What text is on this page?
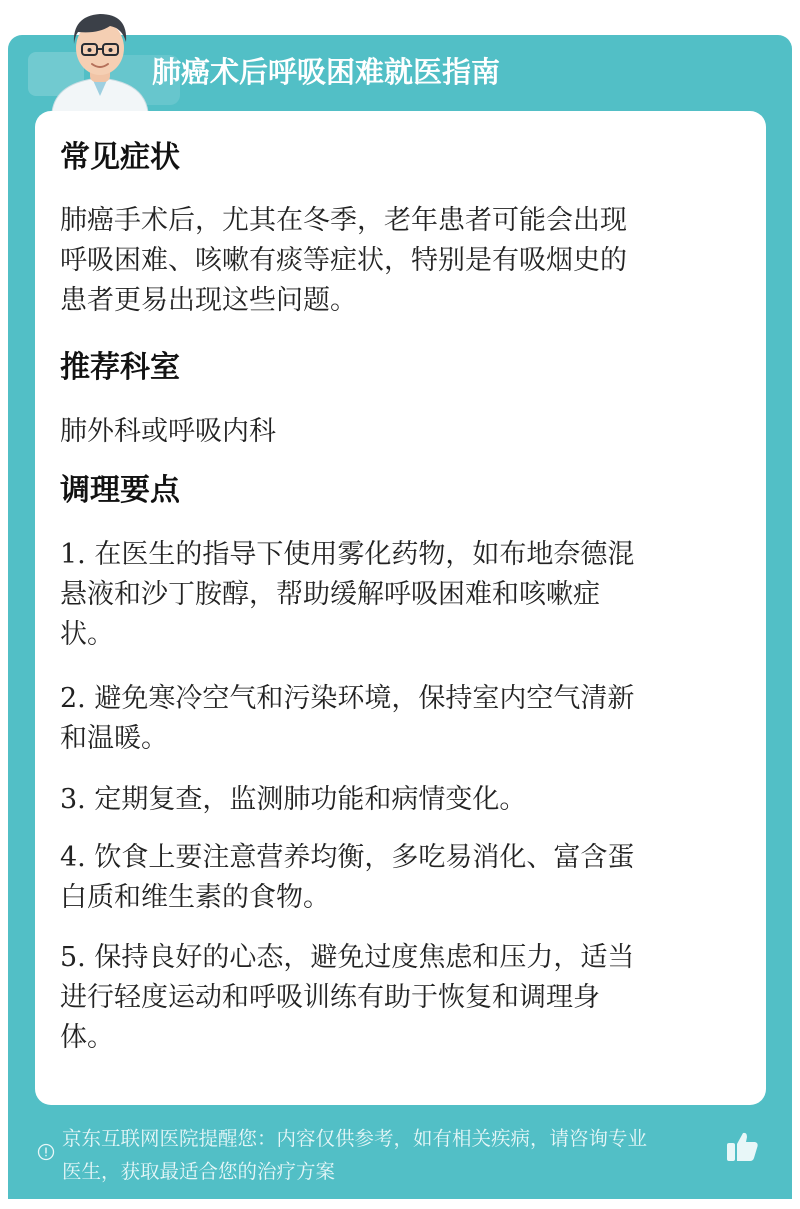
肺癌术后呼吸困难就医指南
常见症状
肺癌手术后，尤其在冬季，老年患者可能会出现
呼吸困难、咳嗽有痰等症状，特别是有吸烟史的
患者更易出现这些问题。
推荐科室
肺外科或呼吸内科
调理要点
1. 在医生的指导下使用雾化药物，如布地奈德混
悬液和沙丁胺醇，帮助缓解呼吸困难和咳嗽症
状。
2. 避免寒冷空气和污染环境，保持室内空气清新
和温暖。
3. 定期复查，监测肺功能和病情变化。
4. 饮食上要注意营养均衡，多吃易消化、富含蛋
白质和维生素的食物。
5. 保持良好的心态，避免过度焦虑和压力，适当
进行轻度运动和呼吸训练有助于恢复和调理身
体。
京东互联网医院提醒您：内容仅供参考，如有相关疾病，请咨询专业
医生，获取最适合您的治疗方案
